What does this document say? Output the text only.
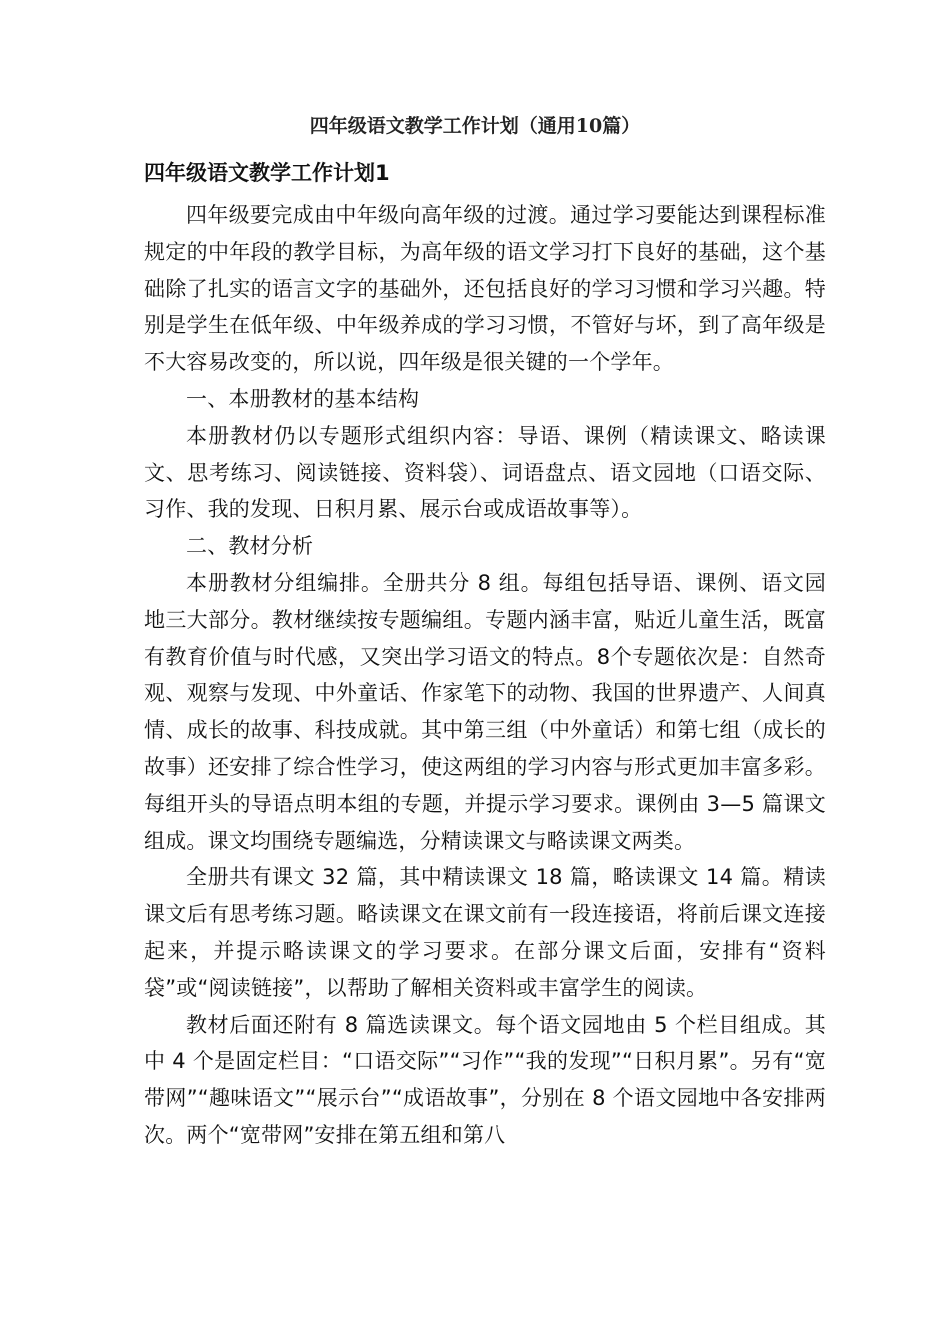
四年级语文教学工作计划（通用10篇）
四年级语文教学工作计划1

四年级要完成由中年级向高年级的过渡。通过学习要能达到课程标准规定的中年段的教学目标，为高年级的语文学习打下良好的基础，这个基础除了扎实的语言文字的基础外，还包括良好的学习习惯和学习兴趣。特别是学生在低年级、中年级养成的学习习惯，不管好与坏，到了高年级是不大容易改变的，所以说，四年级是很关键的一个学年。

一、本册教材的基本结构

本册教材仍以专题形式组织内容：导语、课例（精读课文、略读课文、思考练习、阅读链接、资料袋）、词语盘点、语文园地（口语交际、习作、我的发现、日积月累、展示台或成语故事等）。

二、教材分析

本册教材分组编排。全册共分 8 组。每组包括导语、课例、语文园地三大部分。教材继续按专题编组。专题内涵丰富，贴近儿童生活，既富有教育价值与时代感，又突出学习语文的特点。8个专题依次是：自然奇观、观察与发现、中外童话、作家笔下的动物、我国的世界遗产、人间真情、成长的故事、科技成就。其中第三组（中外童话）和第七组（成长的故事）还安排了综合性学习，使这两组的学习内容与形式更加丰富多彩。每组开头的导语点明本组的专题，并提示学习要求。课例由 3—5 篇课文组成。课文均围绕专题编选，分精读课文与略读课文两类。

全册共有课文 32 篇，其中精读课文 18 篇，略读课文 14 篇。精读课文后有思考练习题。略读课文在课文前有一段连接语，将前后课文连接起来，并提示略读课文的学习要求。在部分课文后面，安排有“资料袋”或“阅读链接”，以帮助了解相关资料或丰富学生的阅读。

教材后面还附有 8 篇选读课文。每个语文园地由 5 个栏目组成。其中 4 个是固定栏目：“口语交际”“习作”“我的发现”“日积月累”。另有“宽带网”“趣味语文”“展示台”“成语故事”，分别在 8 个语文园地中各安排两次。两个“宽带网”安排在第五组和第八
